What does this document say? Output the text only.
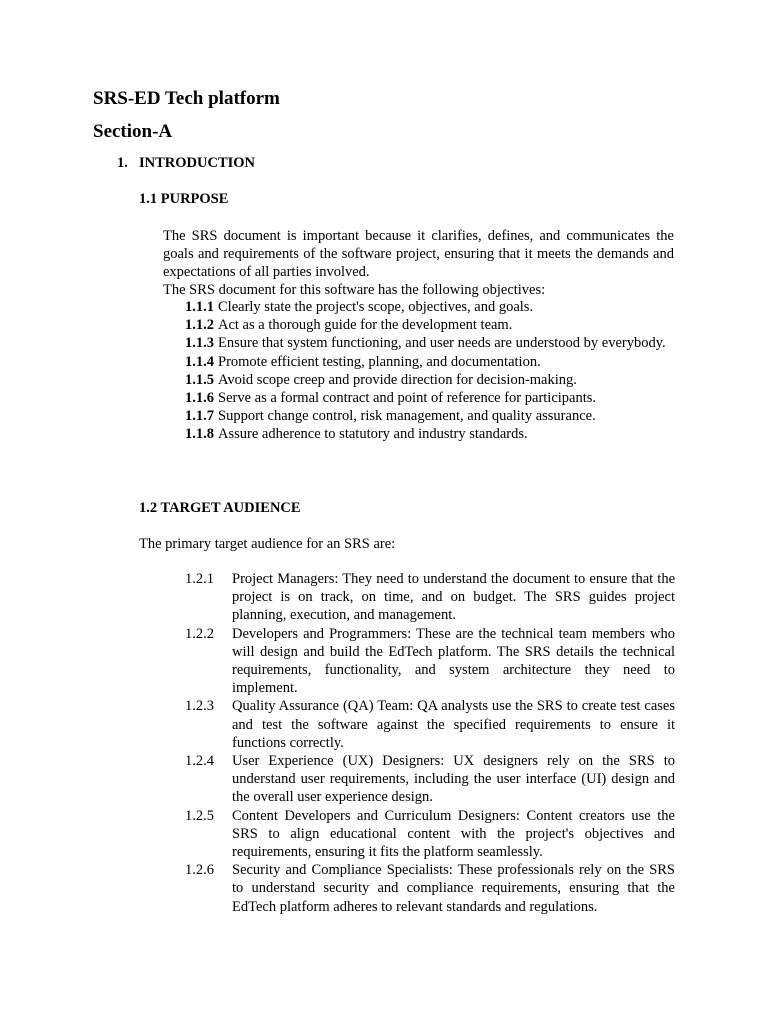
SRS-ED Tech platform
Section-A
1. INTRODUCTION
1.1 PURPOSE
The SRS document is important because it clarifies, defines, and communicates the goals and requirements of the software project, ensuring that it meets the demands and expectations of all parties involved.
The SRS document for this software has the following objectives:
1.1.1 Clearly state the project's scope, objectives, and goals.
1.1.2 Act as a thorough guide for the development team.
1.1.3 Ensure that system functioning, and user needs are understood by everybody.
1.1.4 Promote efficient testing, planning, and documentation.
1.1.5 Avoid scope creep and provide direction for decision-making.
1.1.6 Serve as a formal contract and point of reference for participants.
1.1.7 Support change control, risk management, and quality assurance.
1.1.8 Assure adherence to statutory and industry standards.
1.2 TARGET AUDIENCE
The primary target audience for an SRS are:
1.2.1	Project Managers: They need to understand the document to ensure that the project is on track, on time, and on budget. The SRS guides project planning, execution, and management.
1.2.2	Developers and Programmers: These are the technical team members who will design and build the EdTech platform. The SRS details the technical requirements, functionality, and system architecture they need to implement.
1.2.3	Quality Assurance (QA) Team: QA analysts use the SRS to create test cases and test the software against the specified requirements to ensure it functions correctly.
1.2.4	User Experience (UX) Designers: UX designers rely on the SRS to understand user requirements, including the user interface (UI) design and the overall user experience design.
1.2.5	Content Developers and Curriculum Designers: Content creators use the SRS to align educational content with the project's objectives and requirements, ensuring it fits the platform seamlessly.
1.2.6	Security and Compliance Specialists: These professionals rely on the SRS to understand security and compliance requirements, ensuring that the EdTech platform adheres to relevant standards and regulations.
